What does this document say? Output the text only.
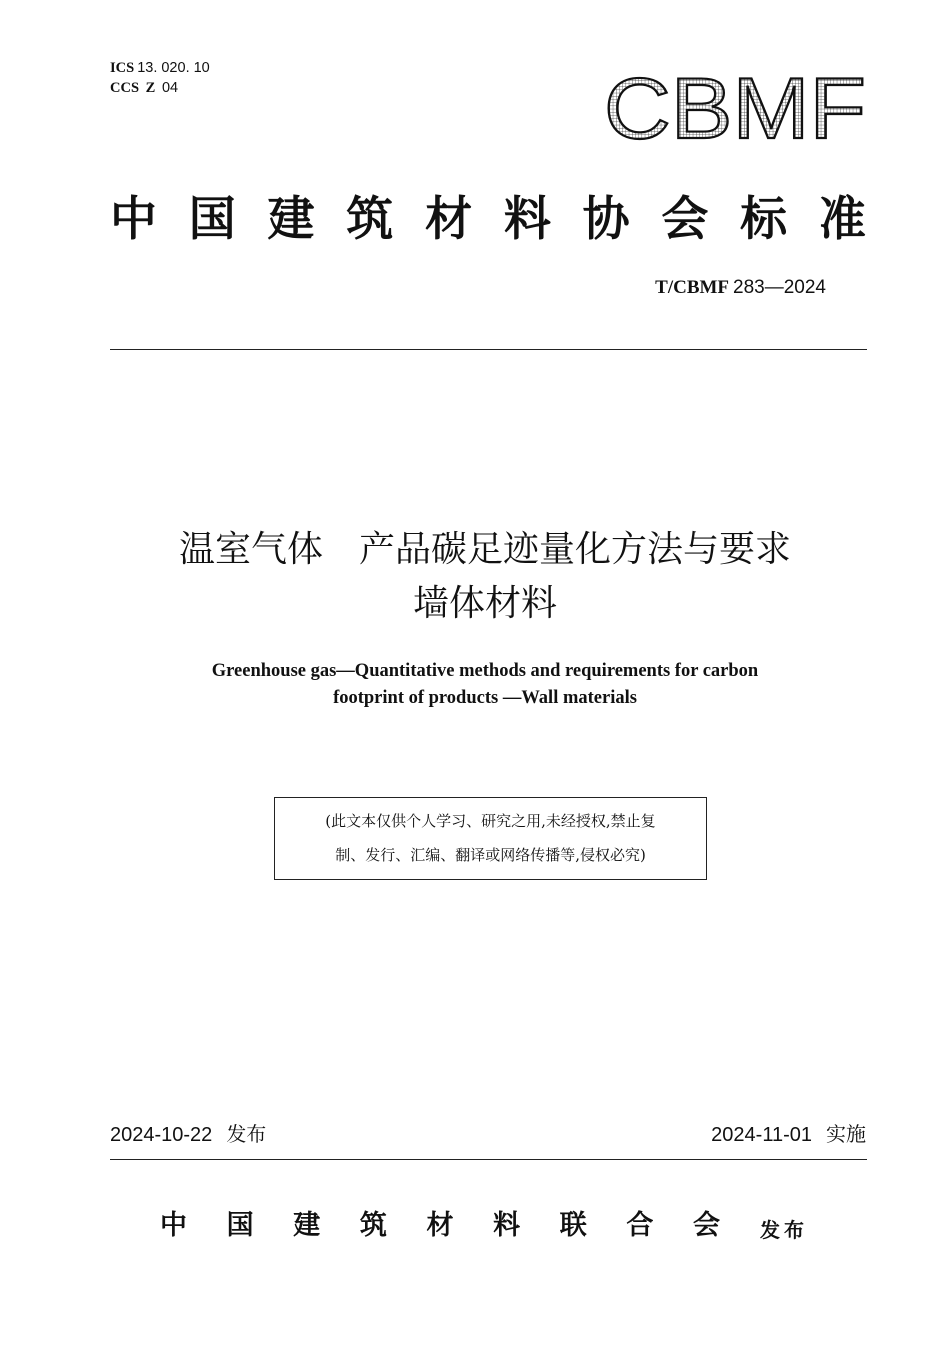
ICS 13. 020. 10
CCS Z 04	CBMF
中 国 建 筑 材 料 协 会 标 准
T/CBMF 283—2024
温室气体　产品碳足迹量化方法与要求
墙体材料
Greenhouse gas—Quantitative methods and requirements for carbon
footprint of products —Wall materials
(此文本仅供个人学习、研究之用,未经授权,禁止复
制、发行、汇编、翻译或网络传播等,侵权必究)
2024-10-22 发布	2024-11-01 实施
中 国 建 筑 材 料 联 合 会 发布
